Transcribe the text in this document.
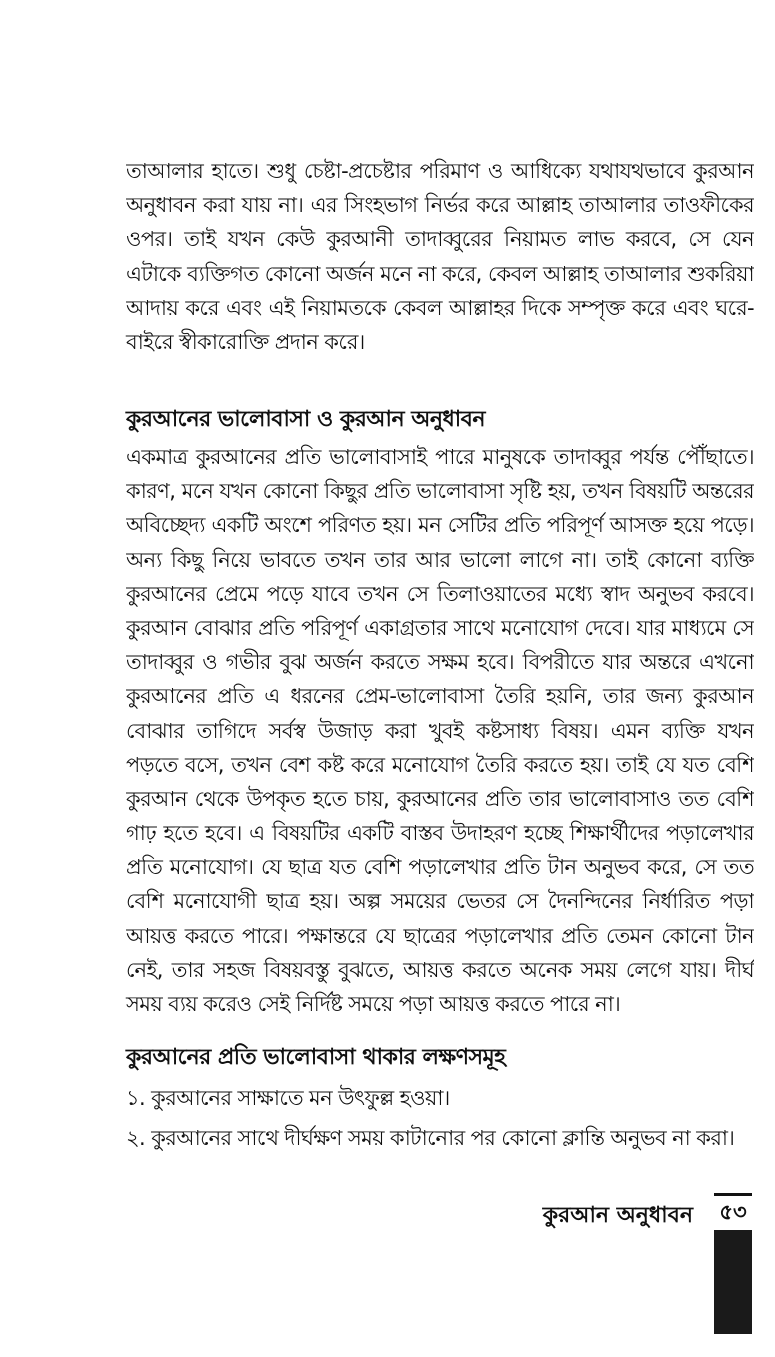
তাআলার হাতে। শুধু চেষ্টা-প্রচেষ্টার পরিমাণ ও আধিক্যে যথাযথভাবে কুরআন
অনুধাবন করা যায় না। এর সিংহভাগ নির্ভর করে আল্লাহ তাআলার তাওফীকের
ওপর। তাই যখন কেউ কুরআনী তাদাব্বুরের নিয়ামত লাভ করবে, সে যেন
এটাকে ব্যক্তিগত কোনো অর্জন মনে না করে, কেবল আল্লাহ তাআলার শুকরিয়া
আদায় করে এবং এই নিয়ামতকে কেবল আল্লাহর দিকে সম্পৃক্ত করে এবং ঘরে-
বাইরে স্বীকারোক্তি প্রদান করে।
কুরআনের ভালোবাসা ও কুরআন অনুধাবন
একমাত্র কুরআনের প্রতি ভালোবাসাই পারে মানুষকে তাদাব্বুর পর্যন্ত পৌঁছাতে।
কারণ, মনে যখন কোনো কিছুর প্রতি ভালোবাসা সৃষ্টি হয়, তখন বিষয়টি অন্তরের
অবিচ্ছেদ্য একটি অংশে পরিণত হয়। মন সেটির প্রতি পরিপূর্ণ আসক্ত হয়ে পড়ে।
অন্য কিছু নিয়ে ভাবতে তখন তার আর ভালো লাগে না। তাই কোনো ব্যক্তি
কুরআনের প্রেমে পড়ে যাবে তখন সে তিলাওয়াতের মধ্যে স্বাদ অনুভব করবে।
কুরআন বোঝার প্রতি পরিপূর্ণ একাগ্রতার সাথে মনোযোগ দেবে। যার মাধ্যমে সে
তাদাব্বুর ও গভীর বুঝ অর্জন করতে সক্ষম হবে। বিপরীতে যার অন্তরে এখনো
কুরআনের প্রতি এ ধরনের প্রেম-ভালোবাসা তৈরি হয়নি, তার জন্য কুরআন
বোঝার তাগিদে সর্বস্ব উজাড় করা খুবই কষ্টসাধ্য বিষয়। এমন ব্যক্তি যখন
পড়তে বসে, তখন বেশ কষ্ট করে মনোযোগ তৈরি করতে হয়। তাই যে যত বেশি
কুরআন থেকে উপকৃত হতে চায়, কুরআনের প্রতি তার ভালোবাসাও তত বেশি
গাঢ় হতে হবে। এ বিষয়টির একটি বাস্তব উদাহরণ হচ্ছে শিক্ষার্থীদের পড়ালেখার
প্রতি মনোযোগ। যে ছাত্র যত বেশি পড়ালেখার প্রতি টান অনুভব করে, সে তত
বেশি মনোযোগী ছাত্র হয়। অল্প সময়ের ভেতর সে দৈনন্দিনের নির্ধারিত পড়া
আয়ত্ত করতে পারে। পক্ষান্তরে যে ছাত্রের পড়ালেখার প্রতি তেমন কোনো টান
নেই, তার সহজ বিষয়বস্তু বুঝতে, আয়ত্ত করতে অনেক সময় লেগে যায়। দীর্ঘ
সময় ব্যয় করেও সেই নির্দিষ্ট সময়ে পড়া আয়ত্ত করতে পারে না।
কুরআনের প্রতি ভালোবাসা থাকার লক্ষণসমূহ
১. কুরআনের সাক্ষাতে মন উৎফুল্ল হওয়া।
২. কুরআনের সাথে দীর্ঘক্ষণ সময় কাটানোর পর কোনো ক্লান্তি অনুভব না করা।
কুরআন অনুধাবন ৫৩
